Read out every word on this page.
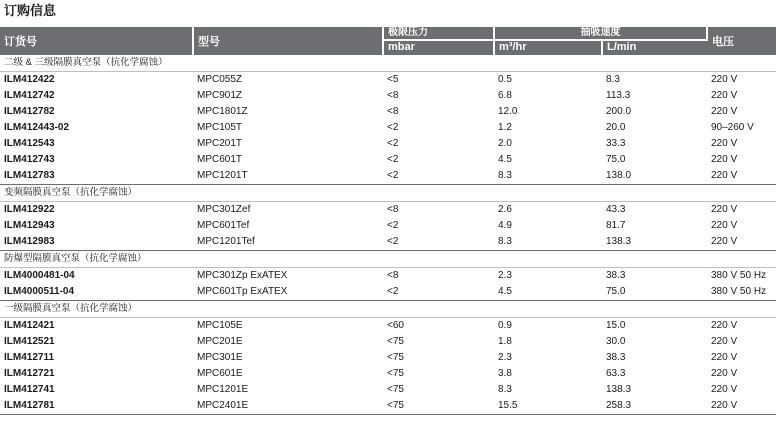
订购信息
订货号	型号	极限压力	抽吸速度		电压
		mbar	m³/hr	L/min	
二级 & 三级隔膜真空泵（抗化学腐蚀）					
ILM412422	MPC055Z	<5	0.5	8.3	220 V
ILM412742	MPC901Z	<8	6.8	113.3	220 V
ILM412782	MPC1801Z	<8	12.0	200.0	220 V
ILM412443-02	MPC105T	<2	1.2	20.0	90–260 V
ILM412543	MPC201T	<2	2.0	33.3	220 V
ILM412743	MPC601T	<2	4.5	75.0	220 V
ILM412783	MPC1201T	<2	8.3	138.0	220 V
变频隔膜真空泵（抗化学腐蚀）					
ILM412922	MPC301Zef	<8	2.6	43.3	220 V
ILM412943	MPC601Tef	<2	4.9	81.7	220 V
ILM412983	MPC1201Tef	<2	8.3	138.3	220 V
防爆型隔膜真空泵（抗化学腐蚀）					
ILM4000481-04	MPC301Zp ExATEX	<8	2.3	38.3	380 V 50 Hz
ILM4000511-04	MPC601Tp ExATEX	<2	4.5	75.0	380 V 50 Hz
一级隔膜真空泵（抗化学腐蚀）					
ILM412421	MPC105E	<60	0.9	15.0	220 V
ILM412521	MPC201E	<75	1.8	30.0	220 V
ILM412711	MPC301E	<75	2.3	38.3	220 V
ILM412721	MPC601E	<75	3.8	63.3	220 V
ILM412741	MPC1201E	<75	8.3	138.3	220 V
ILM412781	MPC2401E	<75	15.5	258.3	220 V
